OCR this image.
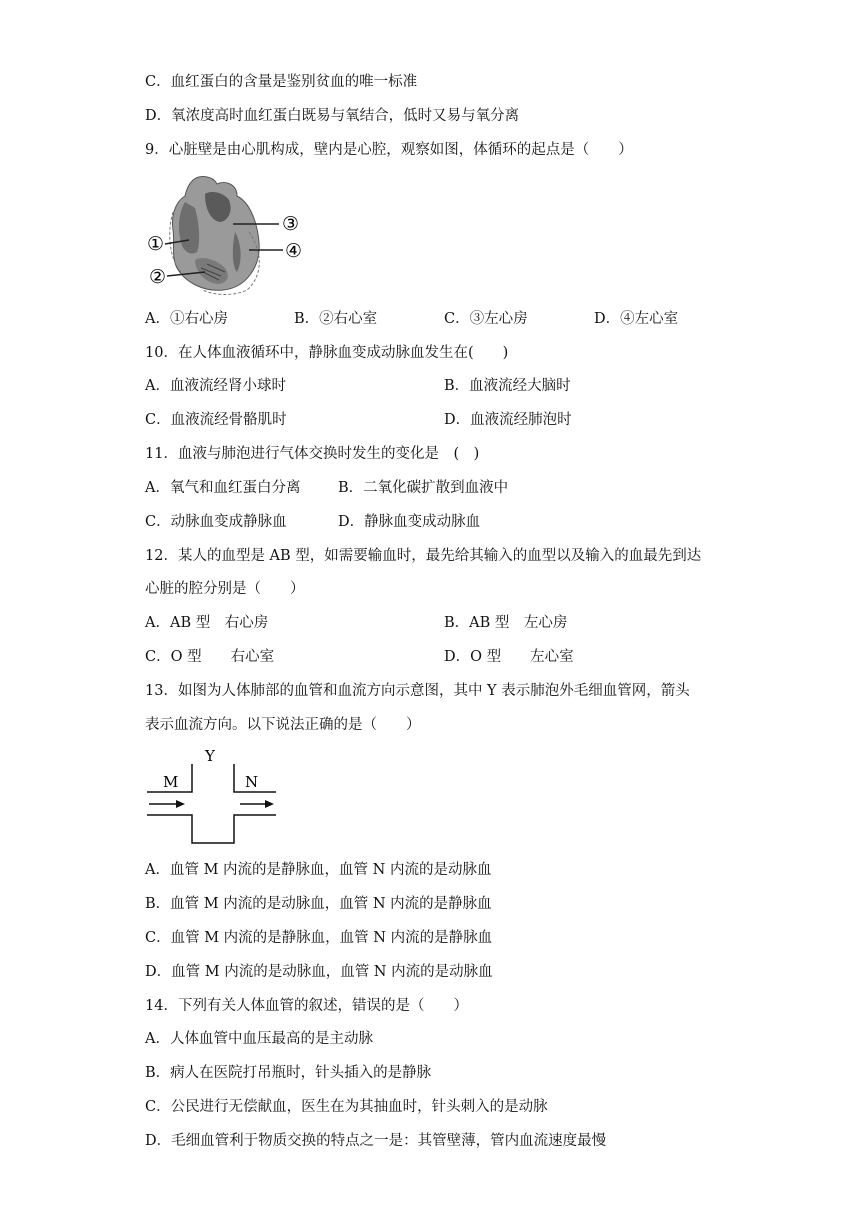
C．血红蛋白的含量是鉴别贫血的唯一标准
D．氧浓度高时血红蛋白既易与氧结合，低时又易与氧分离
9．心脏壁是由心肌构成，壁内是心腔，观察如图，体循环的起点是（　　）
①
②
③
④
A．①右心房	B．②右心室	C．③左心房	D．④左心室
10．在人体血液循环中，静脉血变成动脉血发生在(　　)
A．血液流经肾小球时	B．血液流经大脑时
C．血液流经骨骼肌时	D．血液流经肺泡时
11．血液与肺泡进行气体交换时发生的变化是　(　)
A．氧气和血红蛋白分离	B．二氧化碳扩散到血液中
C．动脉血变成静脉血	D．静脉血变成动脉血
12．某人的血型是 AB 型，如需要输血时，最先给其输入的血型以及输入的血最先到达
心脏的腔分别是（　　）
A．AB 型　右心房	B．AB 型　左心房
C．O 型　　右心室	D．O 型　　左心室
13．如图为人体肺部的血管和血流方向示意图，其中 Y 表示肺泡外毛细血管网，箭头
表示血流方向。以下说法正确的是（　　）
M
Y
N
A．血管 M 内流的是静脉血，血管 N 内流的是动脉血
B．血管 M 内流的是动脉血，血管 N 内流的是静脉血
C．血管 M 内流的是静脉血，血管 N 内流的是静脉血
D．血管 M 内流的是动脉血，血管 N 内流的是动脉血
14．下列有关人体血管的叙述，错误的是（　　）
A．人体血管中血压最高的是主动脉
B．病人在医院打吊瓶时，针头插入的是静脉
C．公民进行无偿献血，医生在为其抽血时，针头刺入的是动脉
D．毛细血管利于物质交换的特点之一是：其管壁薄，管内血流速度最慢
